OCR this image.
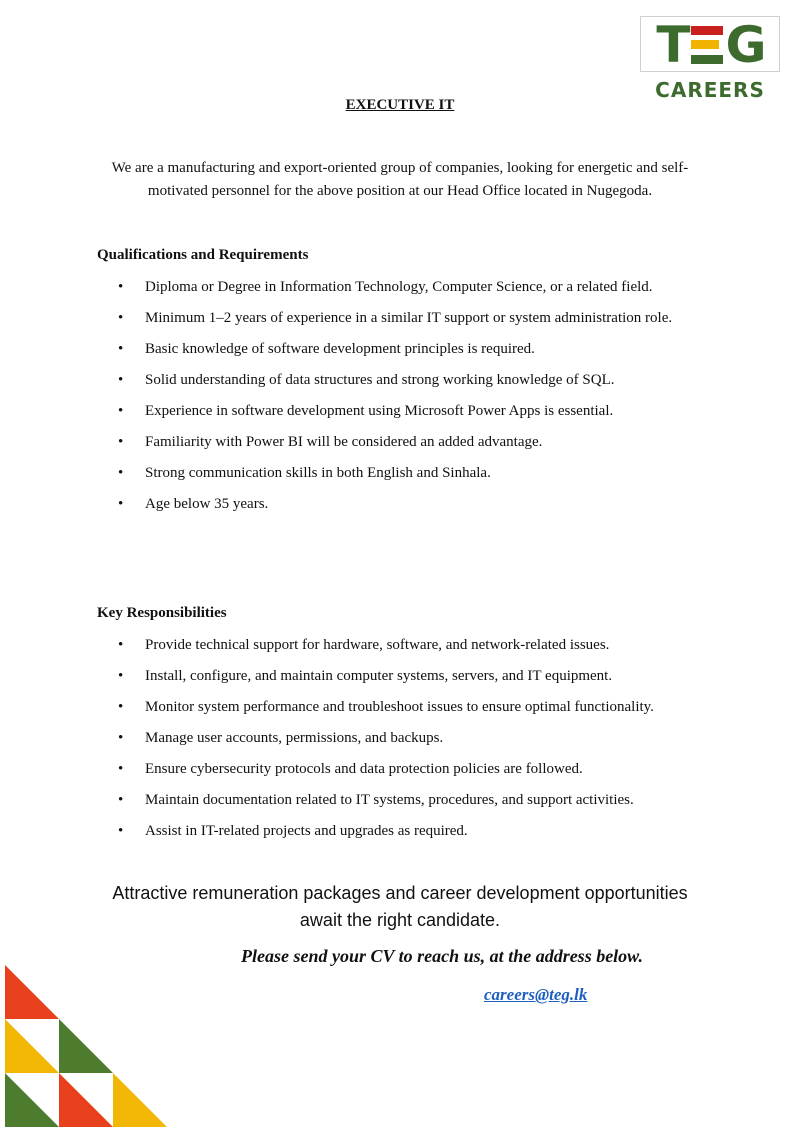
T G
CAREERS
EXECUTIVE IT
We are a manufacturing and export-oriented group of companies, looking for energetic and self-motivated personnel for the above position at our Head Office located in Nugegoda.
Qualifications and Requirements
• Diploma or Degree in Information Technology, Computer Science, or a related field.
• Minimum 1–2 years of experience in a similar IT support or system administration role.
• Basic knowledge of software development principles is required.
• Solid understanding of data structures and strong working knowledge of SQL.
• Experience in software development using Microsoft Power Apps is essential.
• Familiarity with Power BI will be considered an added advantage.
• Strong communication skills in both English and Sinhala.
• Age below 35 years.
Key Responsibilities
• Provide technical support for hardware, software, and network-related issues.
• Install, configure, and maintain computer systems, servers, and IT equipment.
• Monitor system performance and troubleshoot issues to ensure optimal functionality.
• Manage user accounts, permissions, and backups.
• Ensure cybersecurity protocols and data protection policies are followed.
• Maintain documentation related to IT systems, procedures, and support activities.
• Assist in IT-related projects and upgrades as required.
Attractive remuneration packages and career development opportunities await the right candidate.
Please send your CV to reach us, at the address below.
careers@teg.lk
